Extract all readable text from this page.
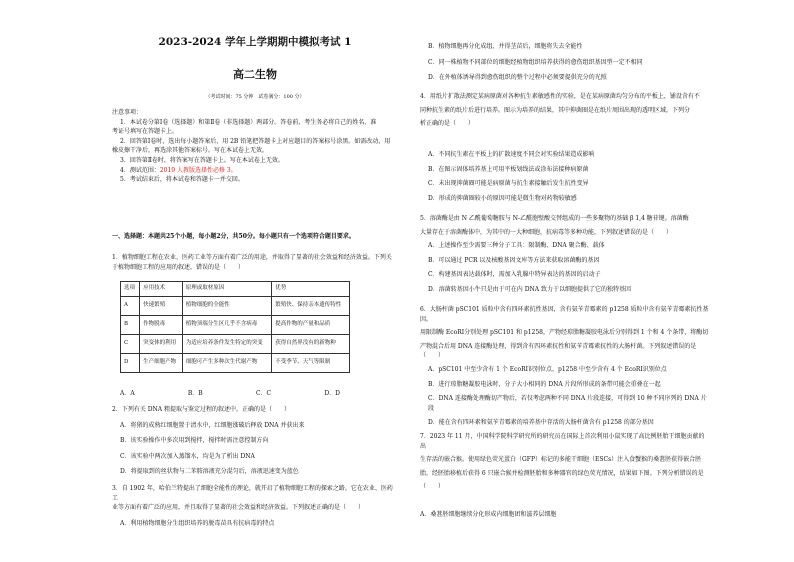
2023-2024 学年上学期期中模拟考试 1
高二生物
（考试时间：75 分钟　试卷满分：100 分）

注意事项：

1．本试卷分第Ⅰ卷（选择题）和第Ⅱ卷（非选择题）两部分。答卷前，考生务必将自己的姓名、准

考证号填写在答题卡上。

2．回答第Ⅰ卷时，选出每小题答案后，用 2B 铅笔把答题卡上对应题目的答案标号涂黑。如需改动，用

橡皮擦干净后，再选涂其他答案标号。写在本试卷上无效。

3．回答第Ⅱ卷时，将答案写在答题卡上。写在本试卷上无效。

4．测试范围：2019 人教版选择性必修 3。

5．考试结束后，将本试卷和答题卡一并交回。

一、选择题：本题共25个小题，每小题2分，共50分。每小题只有一个选项符合题目要求。

1．植物细胞工程在农业、医药工业等方面有着广泛的用途，并取得了显著的社会效益和经济效益。下列关

于植物细胞工程的应用的叙述，错误的是（　　）

选项	应用技术	原理或取材原因	优势
A	快速繁殖	植物细胞的全能性	繁殖快、保持亲本遗传特性
B	作物脱毒	植物顶端分生区几乎不含病毒	提高作物的产量和品质
C	突变体的利用	为适应培养条件发生特定的突变	获得自然界没有的新物种
D	生产细胞产物	细胞可产生多种次生代谢产物	不受季节、天气等限制
A．A	B．B	C．C	D．D

2．下列有关 DNA 粗提取与鉴定过程的叙述中，正确的是（　　）

A．将猪的成熟红细胞置于清水中，红细胞涨破后释放 DNA 并获出来

B．该实验操作中多次用到搅拌，搅拌时需注意控制方向

C．该实验中两次加入蒸馏水，均是为了析出 DNA

D．将提取到的丝状物与二苯胺溶液充分混匀后，溶液迅速变为蓝色

3．自 1902 年，哈伯兰特提出了细胞全能性的理论，就开启了植物细胞工程的探索之路。它在农业、医药工

业等方面有着广泛的应用，并且取得了显著的社会效益和经济效益。下列叙述正确的是（　　）

A．利用植物细胞分生组织培养的脱毒苗具有抗病毒的特点

B．植物细胞再分化成组、并得茎苗后，细胞将失去全能性

C．同一株植物不同部位的细胞经植物组织培养获得的愈伤组织基因型一定不相同

D．在外植体诱导得到愈伤组织的整个过程中必须要提供充分的光照

4．用纸片扩散法测定某病原菌对各种抗生素敏感性的实验，是在某病原菌均匀分布的平板上，铺设含有不

同种抗生素的纸片后进行培养。图示为培养的结果，其中抑菌圈是在纸片周围出现的透明区域。下列分

析正确的是（　　）

A．不同抗生素在平板上的扩散速度不同会对实验结果造成影响

B．在图示固体培养基上可用平板划线法或涂布法接种病原菌

C．未出现抑菌圈可能是病原菌与抗生素接触后发生抗性变异

D．形成的抑菌圈较小的原因可能是微生物对药物较敏感

5．溶菌酶是由 N 乙酰葡萄糖胺与 N-乙酰胞壁酸交替组成的一些多聚物的基础 β 1,4 糖苷键。溶菌酶

大量存在于溶菌酶体中，为其中的一大种细胞，抗病毒等多种功能，下列叙述错误的是（　　）

A．上述操作至少需要三种分子工具：限制酶、DNA 聚合酶、载体

B．可以通过 PCR 以及核酸基因文库等方法来获取溶菌酶的基因

C．构建基因表达载体时，需加入乳腺中特异表达的基因的启动子

D．溶菌转基因小牛只是由于可在内 DNA 致力于以细胞提供了它的独特基因

6．大肠杆菌 pSC101 质粒中含有四环素抗性基因，含有氨苄青霉素的 p1258 质粒中含有氨苄青霉素抗性基因。

用限制酶 EcoRⅠ分别处理 pSC101 和 p1258，产物经琼脂糖凝胶电泳后分别得到 1 个和 4 个条带，将酶切

产物混合后用 DNA 连接酶处理，得到含有四环素抗性和氨苄青霉素抗性的大肠杆菌。下列叙述错误的是（　　）

A．pSC101 中至少含有 1 个 EcoRⅠ识别位点，p1258 中至少含有 4 个 EcoRⅠ识别位点

B．进行琼脂糖凝胶电泳时，分子大小相同的 DNA 片段所形成的条带可能会重叠在一起

C．DNA 连接酶处理酶切产物后，若仅考虑两种不同 DNA 片段连接，可得到 10 种不同序列的 DNA 片

段

D．能在含有四环素和氨苄青霉素的培养基中存活的大肠杆菌含有 p1258 的部分基因

7．2023 年 11 月，中国科学院科学研究所的研究员在国际上首次利用小鼠实现了高比例胚胎干细胞贡献的出

生存活的嵌合猴。使用绿色荧光蛋白（GFP）标记的多能干细胞（ESCs）注入食蟹猴的桑葚胚获得嵌合胚

胎，经胚胎移植后获得 6 只嵌合猴并检测胚胎和多种器官的绿色荧光情况，结果如下图。下列分析错误的是

（　　）

A．桑葚胚细胞继续分化形成内细胞团和滋养层细胞
